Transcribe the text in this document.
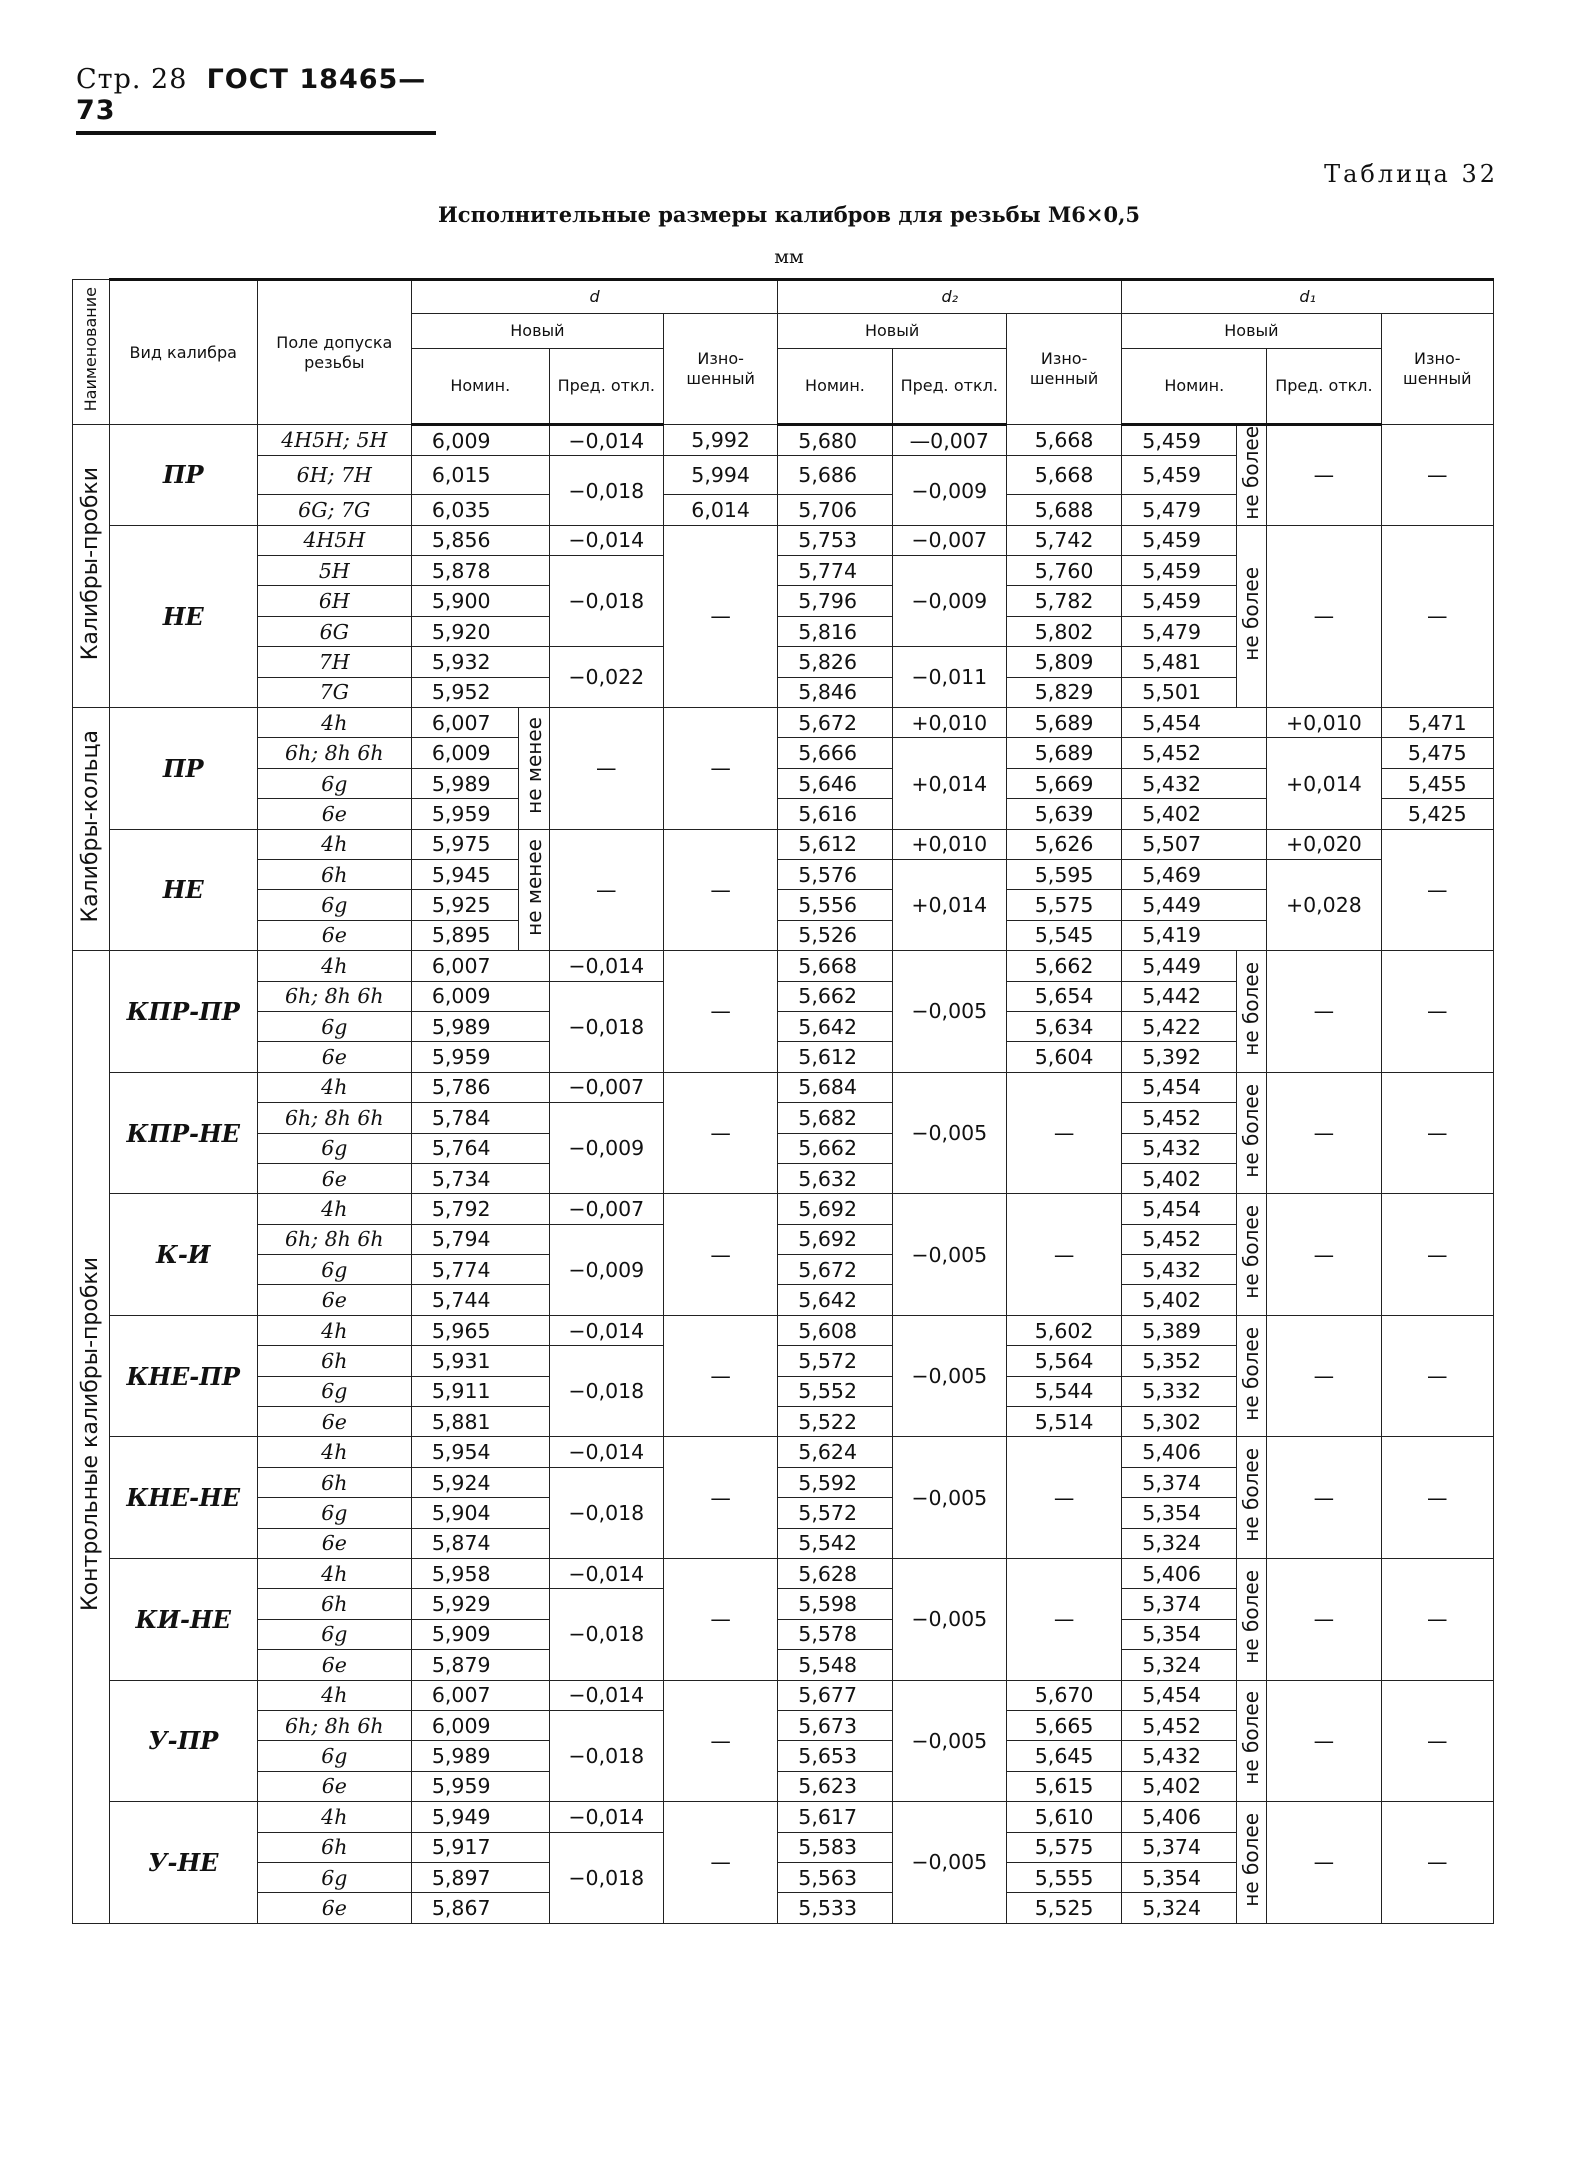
Стр. 28 ГОСТ 18465—73
Таблица 32
Исполнительные размеры калибров для резьбы М6×0,5
мм
Наименование	Вид калибра	Поле допуска резьбы	d				d₂			d₁			
			Новый			Изно-шенный	Новый		Изно-шенный	Новый			Изно-шенный
			Номин.		Пред. откл.		Номин.	Пред. откл.		Номин.		Пред. откл.	
Калибры-пробки	ПР	4H5H; 5H	6,009		−0,014	5,992	5,680	—0,007	5,668	5,459	не более	—	—
		6H; 7H	6,015		−0,018	5,994	5,686	−0,009	5,668	5,459			
		6G; 7G	6,035			6,014	5,706		5,688	5,479			
	НЕ	4H5H	5,856		−0,014	—	5,753	−0,007	5,742	5,459	не более	—	—
		5H	5,878		−0,018		5,774	−0,009	5,760	5,459			
		6H	5,900				5,796		5,782	5,459			
		6G	5,920				5,816		5,802	5,479			
		7H	5,932		−0,022		5,826	−0,011	5,809	5,481			
		7G	5,952				5,846		5,829	5,501			
Калибры-кольца	ПР	4h	6,007	не менее	—	—	5,672	+0,010	5,689	5,454		+0,010	5,471
		6h; 8h 6h	6,009				5,666	+0,014	5,689	5,452		+0,014	5,475
		6g	5,989				5,646		5,669	5,432			5,455
		6e	5,959				5,616		5,639	5,402			5,425
	НЕ	4h	5,975	не менее	—	—	5,612	+0,010	5,626	5,507		+0,020	—
		6h	5,945				5,576	+0,014	5,595	5,469		+0,028	
		6g	5,925				5,556		5,575	5,449			
		6e	5,895				5,526		5,545	5,419			
Контрольные калибры-пробки	КПР-ПР	4h	6,007		−0,014	—	5,668	−0,005	5,662	5,449	не более	—	—
		6h; 8h 6h	6,009		−0,018		5,662		5,654	5,442			
		6g	5,989				5,642		5,634	5,422			
		6e	5,959				5,612		5,604	5,392			
	КПР-НЕ	4h	5,786		−0,007	—	5,684	−0,005	—	5,454	не более	—	—
		6h; 8h 6h	5,784		−0,009		5,682			5,452			
		6g	5,764				5,662			5,432			
		6e	5,734				5,632			5,402			
	К-И	4h	5,792		−0,007	—	5,692	−0,005	—	5,454	не более	—	—
		6h; 8h 6h	5,794		−0,009		5,692			5,452			
		6g	5,774				5,672			5,432			
		6e	5,744				5,642			5,402			
	КНЕ-ПР	4h	5,965		−0,014	—	5,608	−0,005	5,602	5,389	не более	—	—
		6h	5,931		−0,018		5,572		5,564	5,352			
		6g	5,911				5,552		5,544	5,332			
		6e	5,881				5,522		5,514	5,302			
	КНЕ-НЕ	4h	5,954		−0,014	—	5,624	−0,005	—	5,406	не более	—	—
		6h	5,924		−0,018		5,592			5,374			
		6g	5,904				5,572			5,354			
		6e	5,874				5,542			5,324			
	КИ-НЕ	4h	5,958		−0,014	—	5,628	−0,005	—	5,406	не более	—	—
		6h	5,929		−0,018		5,598			5,374			
		6g	5,909				5,578			5,354			
		6e	5,879				5,548			5,324			
	У-ПР	4h	6,007		−0,014	—	5,677	−0,005	5,670	5,454	не более	—	—
		6h; 8h 6h	6,009		−0,018		5,673		5,665	5,452			
		6g	5,989				5,653		5,645	5,432			
		6e	5,959				5,623		5,615	5,402			
	У-НЕ	4h	5,949		−0,014	—	5,617	−0,005	5,610	5,406	не более	—	—
		6h	5,917		−0,018		5,583		5,575	5,374			
		6g	5,897				5,563		5,555	5,354			
		6e	5,867				5,533		5,525	5,324			
